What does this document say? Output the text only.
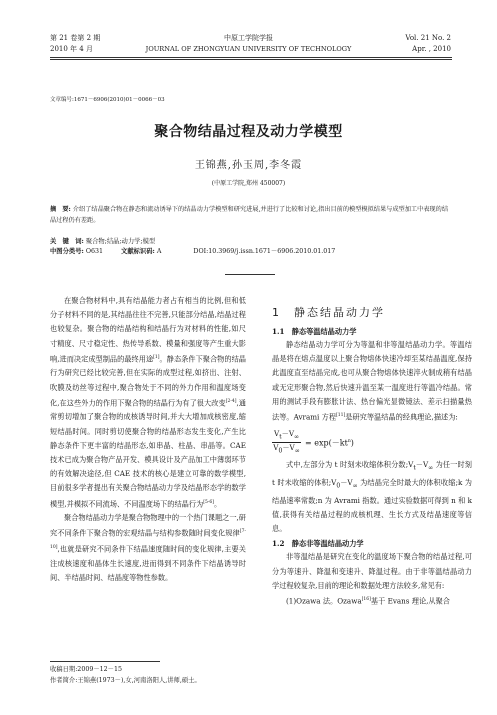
第 21 卷第 2 期
2010 年 4 月
中原工学院学报
JOURNAL OF ZHONGYUAN UNIVERSITY OF TECHNOLOGY
Vol. 21 No. 2
Apr. , 2010
文章编号:1671－6906(2010)01－0066－03
聚合物结晶过程及动力学模型
王锦燕,孙玉周,李冬霞
(中原工学院,郑州 450007)
摘　要: 介绍了结晶聚合物在静态和流动诱导下的结晶动力学模型和研究进展,并进行了比较和讨论,指出目前的模型模拟结果与成型加工中表现的结晶过程仍有差距。
关　键　词: 聚合物;结晶;动力学;模型
中图分类号: O631	文献标识码: A	DOI:10.3969/j.issn.1671－6906.2010.01.017

在聚合物材料中,具有结晶能力者占有相当的比例,但和低分子材料不同的是,其结晶往往不完善,只能部分结晶,结晶过程也较复杂。聚合物的结晶结构和结晶行为对材料的性能,如尺寸精度、尺寸稳定性、热传导系数、模量和强度等产生重大影响,进而决定成型制品的最终用途[1]。静态条件下聚合物的结晶行为研究已经比较完善,但在实际的成型过程,如挤出、注射、吹膜及纺丝等过程中,聚合物处于不同的外力作用和温度场变化,在这些外力的作用下聚合物的结晶行为有了很大改变[2-4],通常剪切增加了聚合物的成核诱导时间,并大大增加成核密度,缩短结晶时间。同时剪切使聚合物的结晶形态发生变化,产生比静态条件下更丰富的结晶形态,如串晶、柱晶、串晶等。CAE 技术已成为聚合物产品开发、模具设计及产品加工中薄弱环节的有效解决途径,但 CAE 技术的核心是建立可靠的数学模型,目前很多学者提出有关聚合物结晶动力学及结晶形态学的数学模型,并模拟不同流场、不同温度场下的结晶行为[5-6]。

聚合物结晶动力学是聚合物物理中的一个热门课题之一,研究不同条件下聚合物的宏观结晶与结构参数随时间变化规律[7-10],也就是研究不同条件下结晶速度随时间的变化规律,主要关注成核速度和晶体生长速度,进而得到不同条件下结晶诱导时间、半结晶时间、结晶度等物性参数。

1　静态结晶动力学
1.1　静态等温结晶动力学

静态结晶动力学可分为等温和非等温结晶动力学。等温结晶是将在熔点温度以上聚合物熔体快速冷却至某结晶温度,保持此温度直至结晶完成,也可从聚合物熔体快速淬火制成稍有结晶或无定形聚合物,然后快速升温至某一温度进行等温冷结晶。常用的测试手段有膨胀计法、热台偏光显微镜法、差示扫描量热法等。Avrami 方程[11]是研究等温结晶的经典理论,描述为:

$\frac{V_t-V_\infty}{V_0-V_\infty} = \exp(-kt^n)$

式中,左部分为 t 时刻未收缩体积分数$;V_t-V_\infty$ 为任一时刻 t 时未收缩的体积$;V_0-V_\infty$ 为结晶完全时最大的体积收缩;k 为结晶速率常数;n 为 Avrami 指数。通过实验数据可得到 n 和 k 值,获得有关结晶过程的成核机理、生长方式及结晶速度等信息。

1.2　静态非等温结晶动力学

非等温结晶是研究在变化的温度场下聚合物的结晶过程,可分为等速升、降温和变速升、降温过程。由于非等温结晶动力学过程较复杂,目前的理论和数据处理方法较多,常见有:

(1)Ozawa 法。Ozawa[16]基于 Evans 理论,从聚合

收稿日期:2009－12－15
作者简介:王锦燕(1973－),女,河南洛阳人,讲师,硕士。
